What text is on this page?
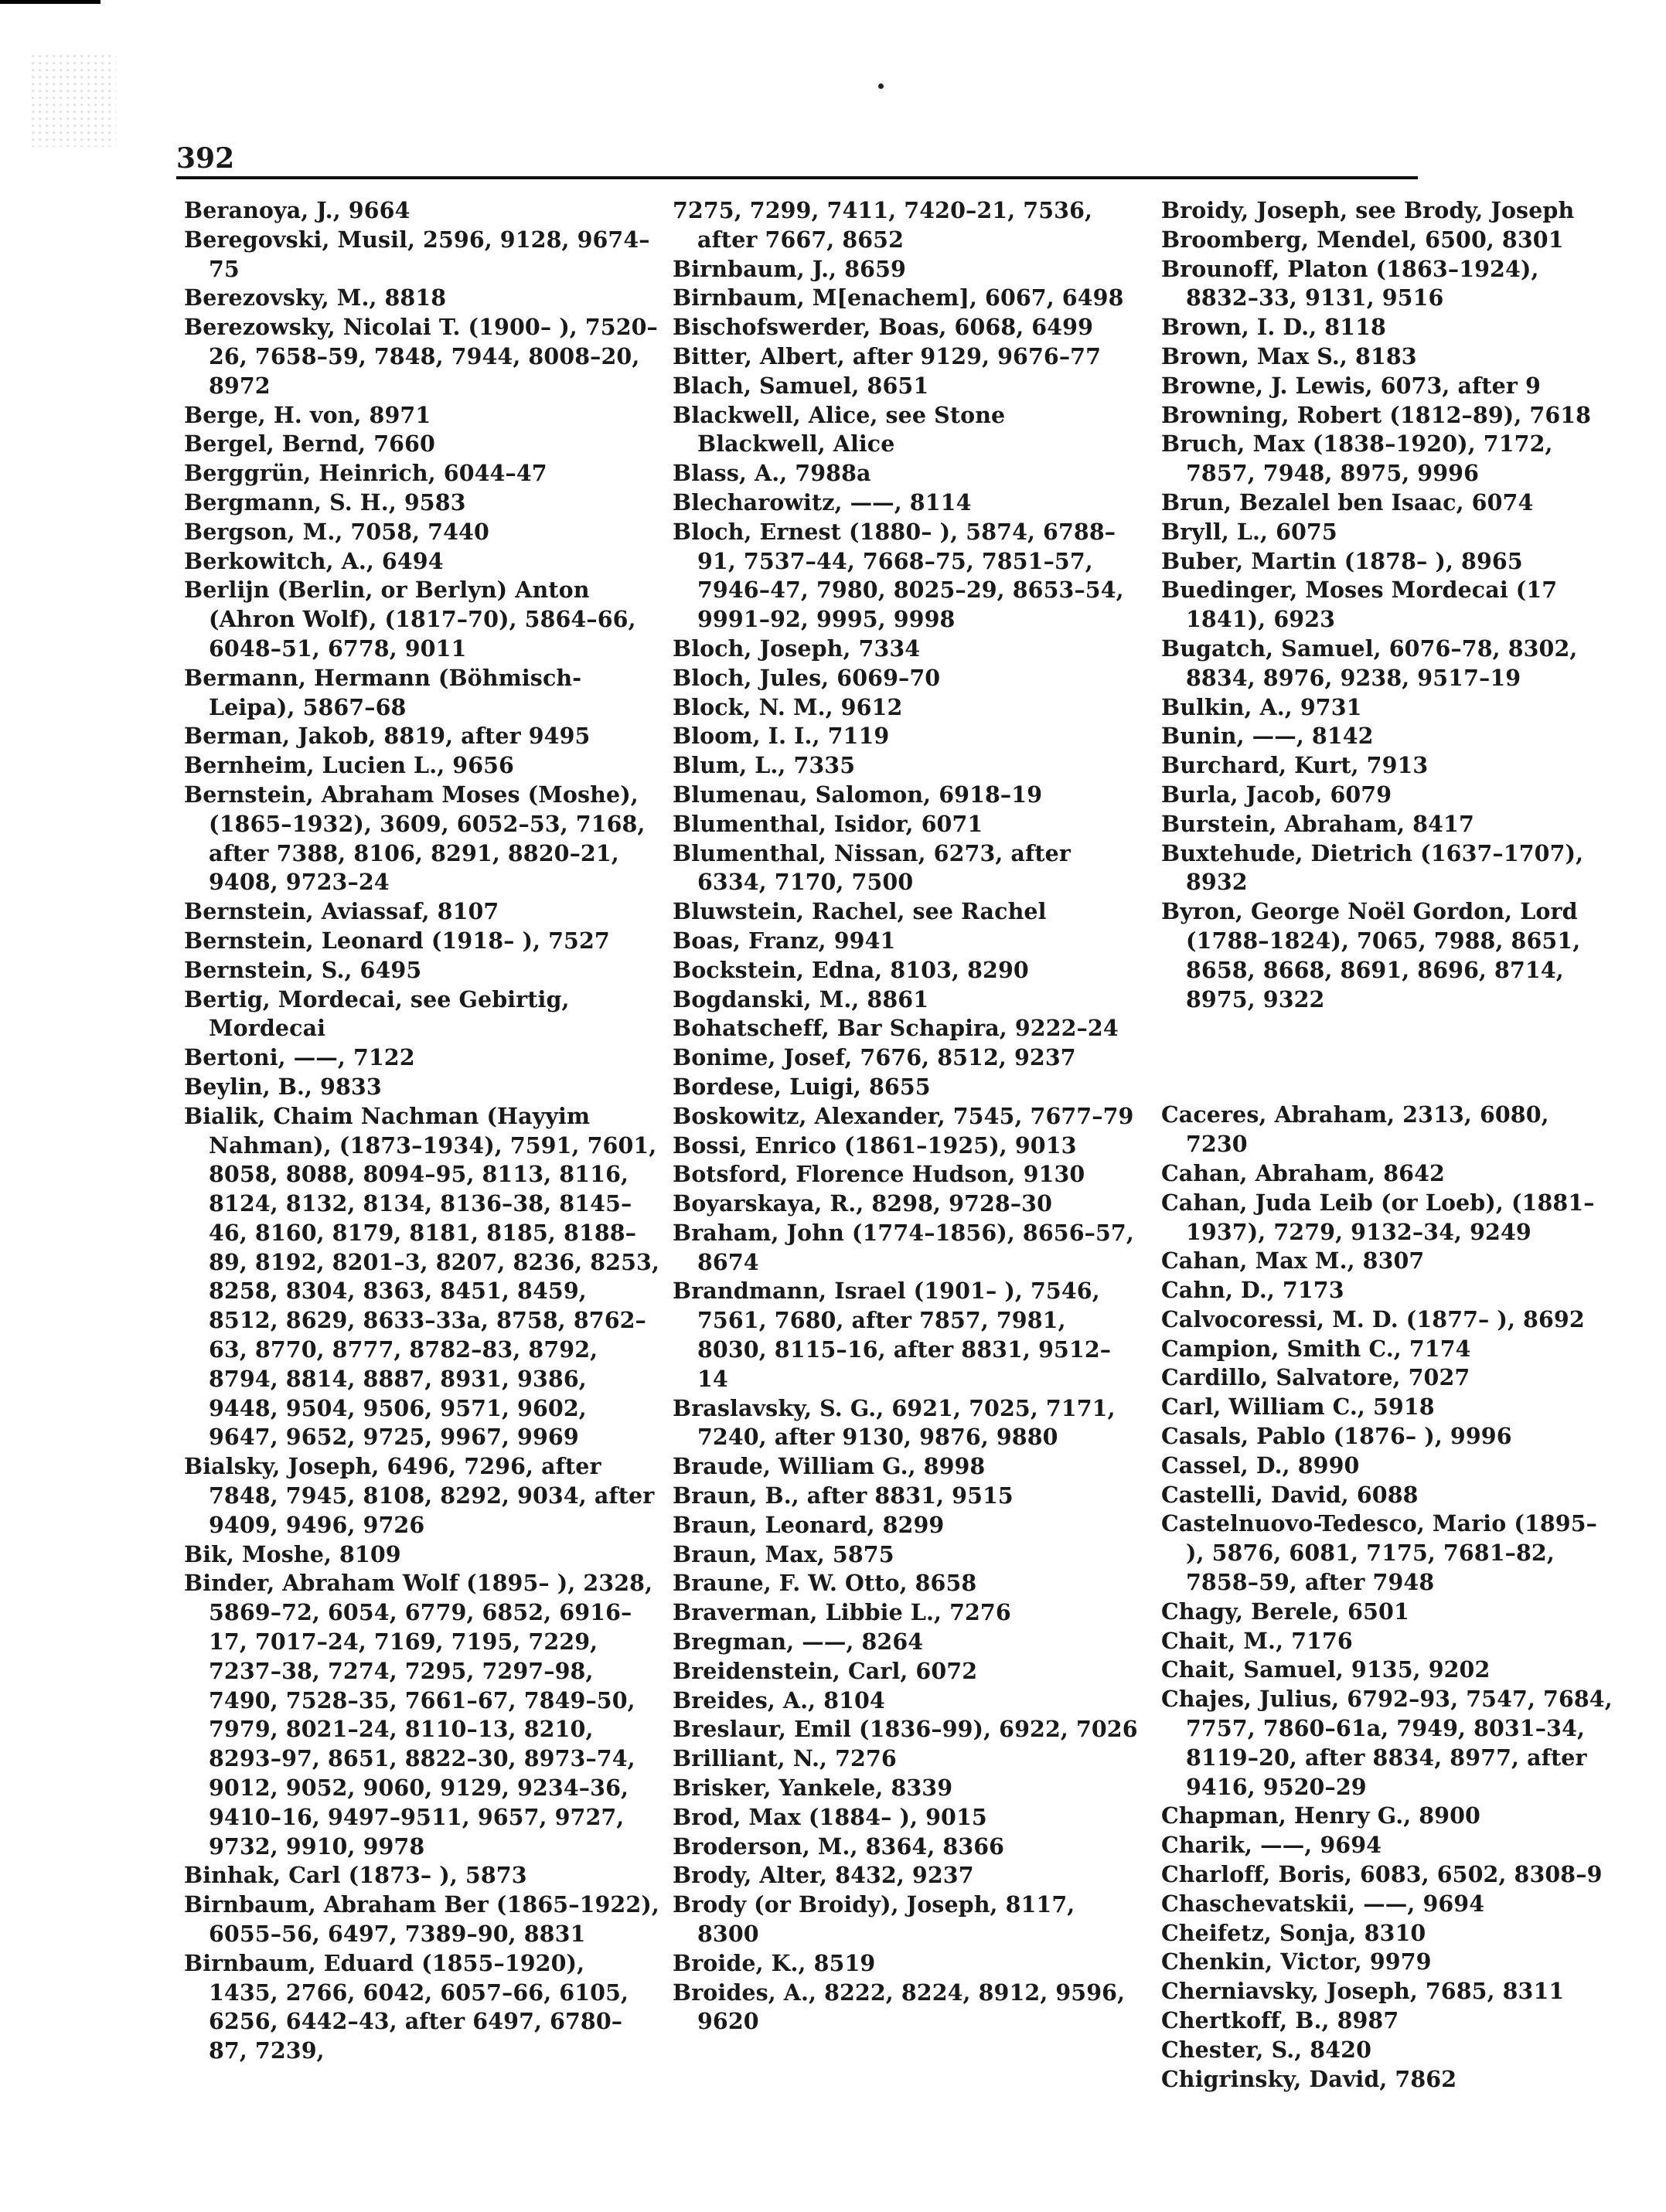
392

Beranoya, J., 9664

Beregovski, Musil, 2596, 9128, 9674–75

Berezovsky, M., 8818

Berezowsky, Nicolai T. (1900– ), 7520–26, 7658–59, 7848, 7944, 8008–20, 8972

Berge, H. von, 8971

Bergel, Bernd, 7660

Berggrün, Heinrich, 6044–47

Bergmann, S. H., 9583

Bergson, M., 7058, 7440

Berkowitch, A., 6494

Berlijn (Berlin, or Berlyn) Anton (Ahron Wolf), (1817–70), 5864–66, 6048–51, 6778, 9011

Bermann, Hermann (Böhmisch-Leipa), 5867–68

Berman, Jakob, 8819, after 9495

Bernheim, Lucien L., 9656

Bernstein, Abraham Moses (Moshe), (1865–1932), 3609, 6052–53, 7168, after 7388, 8106, 8291, 8820–21, 9408, 9723–24

Bernstein, Aviassaf, 8107

Bernstein, Leonard (1918– ), 7527

Bernstein, S., 6495

Bertig, Mordecai, see Gebirtig, Mordecai

Bertoni, ——, 7122

Beylin, B., 9833

Bialik, Chaim Nachman (Hayyim Nahman), (1873–1934), 7591, 7601, 8058, 8088, 8094–95, 8113, 8116, 8124, 8132, 8134, 8136–38, 8145–46, 8160, 8179, 8181, 8185, 8188–89, 8192, 8201–3, 8207, 8236, 8253, 8258, 8304, 8363, 8451, 8459, 8512, 8629, 8633–33a, 8758, 8762–63, 8770, 8777, 8782–83, 8792, 8794, 8814, 8887, 8931, 9386, 9448, 9504, 9506, 9571, 9602, 9647, 9652, 9725, 9967, 9969

Bialsky, Joseph, 6496, 7296, after 7848, 7945, 8108, 8292, 9034, after 9409, 9496, 9726

Bik, Moshe, 8109

Binder, Abraham Wolf (1895– ), 2328, 5869–72, 6054, 6779, 6852, 6916–17, 7017–24, 7169, 7195, 7229, 7237–38, 7274, 7295, 7297–98, 7490, 7528–35, 7661–67, 7849–50, 7979, 8021–24, 8110–13, 8210, 8293–97, 8651, 8822–30, 8973–74, 9012, 9052, 9060, 9129, 9234–36, 9410–16, 9497–9511, 9657, 9727, 9732, 9910, 9978

Binhak, Carl (1873– ), 5873

Birnbaum, Abraham Ber (1865–1922), 6055–56, 6497, 7389–90, 8831

Birnbaum, Eduard (1855–1920), 1435, 2766, 6042, 6057–66, 6105, 6256, 6442–43, after 6497, 6780–87, 7239,

7275, 7299, 7411, 7420–21, 7536, after 7667, 8652

Birnbaum, J., 8659

Birnbaum, M[enachem], 6067, 6498

Bischofswerder, Boas, 6068, 6499

Bitter, Albert, after 9129, 9676–77

Blach, Samuel, 8651

Blackwell, Alice, see Stone Blackwell, Alice

Blass, A., 7988a

Blecharowitz, ——, 8114

Bloch, Ernest (1880– ), 5874, 6788–91, 7537–44, 7668–75, 7851–57, 7946–47, 7980, 8025–29, 8653–54, 9991–92, 9995, 9998

Bloch, Joseph, 7334

Bloch, Jules, 6069–70

Block, N. M., 9612

Bloom, I. I., 7119

Blum, L., 7335

Blumenau, Salomon, 6918–19

Blumenthal, Isidor, 6071

Blumenthal, Nissan, 6273, after 6334, 7170, 7500

Bluwstein, Rachel, see Rachel

Boas, Franz, 9941

Bockstein, Edna, 8103, 8290

Bogdanski, M., 8861

Bohatscheff, Bar Schapira, 9222–24

Bonime, Josef, 7676, 8512, 9237

Bordese, Luigi, 8655

Boskowitz, Alexander, 7545, 7677–79

Bossi, Enrico (1861–1925), 9013

Botsford, Florence Hudson, 9130

Boyarskaya, R., 8298, 9728–30

Braham, John (1774–1856), 8656–57, 8674

Brandmann, Israel (1901– ), 7546, 7561, 7680, after 7857, 7981, 8030, 8115–16, after 8831, 9512–14

Braslavsky, S. G., 6921, 7025, 7171, 7240, after 9130, 9876, 9880

Braude, William G., 8998

Braun, B., after 8831, 9515

Braun, Leonard, 8299

Braun, Max, 5875

Braune, F. W. Otto, 8658

Braverman, Libbie L., 7276

Bregman, ——, 8264

Breidenstein, Carl, 6072

Breides, A., 8104

Breslaur, Emil (1836–99), 6922, 7026

Brilliant, N., 7276

Brisker, Yankele, 8339

Brod, Max (1884– ), 9015

Broderson, M., 8364, 8366

Brody, Alter, 8432, 9237

Brody (or Broidy), Joseph, 8117, 8300

Broide, K., 8519

Broides, A., 8222, 8224, 8912, 9596, 9620

Broidy, Joseph, see Brody, Joseph

Broomberg, Mendel, 6500, 8301

Brounoff, Platon (1863–1924), 8832–33, 9131, 9516

Brown, I. D., 8118

Brown, Max S., 8183

Browne, J. Lewis, 6073, after 9

Browning, Robert (1812–89), 7618

Bruch, Max (1838–1920), 7172, 7857, 7948, 8975, 9996

Brun, Bezalel ben Isaac, 6074

Bryll, L., 6075

Buber, Martin (1878– ), 8965

Buedinger, Moses Mordecai (17 1841), 6923

Bugatch, Samuel, 6076–78, 8302, 8834, 8976, 9238, 9517–19

Bulkin, A., 9731

Bunin, ——, 8142

Burchard, Kurt, 7913

Burla, Jacob, 6079

Burstein, Abraham, 8417

Buxtehude, Dietrich (1637–1707), 8932

Byron, George Noël Gordon, Lord (1788–1824), 7065, 7988, 8651, 8658, 8668, 8691, 8696, 8714, 8975, 9322

Caceres, Abraham, 2313, 6080, 7230

Cahan, Abraham, 8642

Cahan, Juda Leib (or Loeb), (1881–1937), 7279, 9132–34, 9249

Cahan, Max M., 8307

Cahn, D., 7173

Calvocoressi, M. D. (1877– ), 8692

Campion, Smith C., 7174

Cardillo, Salvatore, 7027

Carl, William C., 5918

Casals, Pablo (1876– ), 9996

Cassel, D., 8990

Castelli, David, 6088

Castelnuovo-Tedesco, Mario (1895– ), 5876, 6081, 7175, 7681–82, 7858–59, after 7948

Chagy, Berele, 6501

Chait, M., 7176

Chait, Samuel, 9135, 9202

Chajes, Julius, 6792–93, 7547, 7684, 7757, 7860–61a, 7949, 8031–34, 8119–20, after 8834, 8977, after 9416, 9520–29

Chapman, Henry G., 8900

Charik, ——, 9694

Charloff, Boris, 6083, 6502, 8308–9

Chaschevatskii, ——, 9694

Cheifetz, Sonja, 8310

Chenkin, Victor, 9979

Cherniavsky, Joseph, 7685, 8311

Chertkoff, B., 8987

Chester, S., 8420

Chigrinsky, David, 7862
